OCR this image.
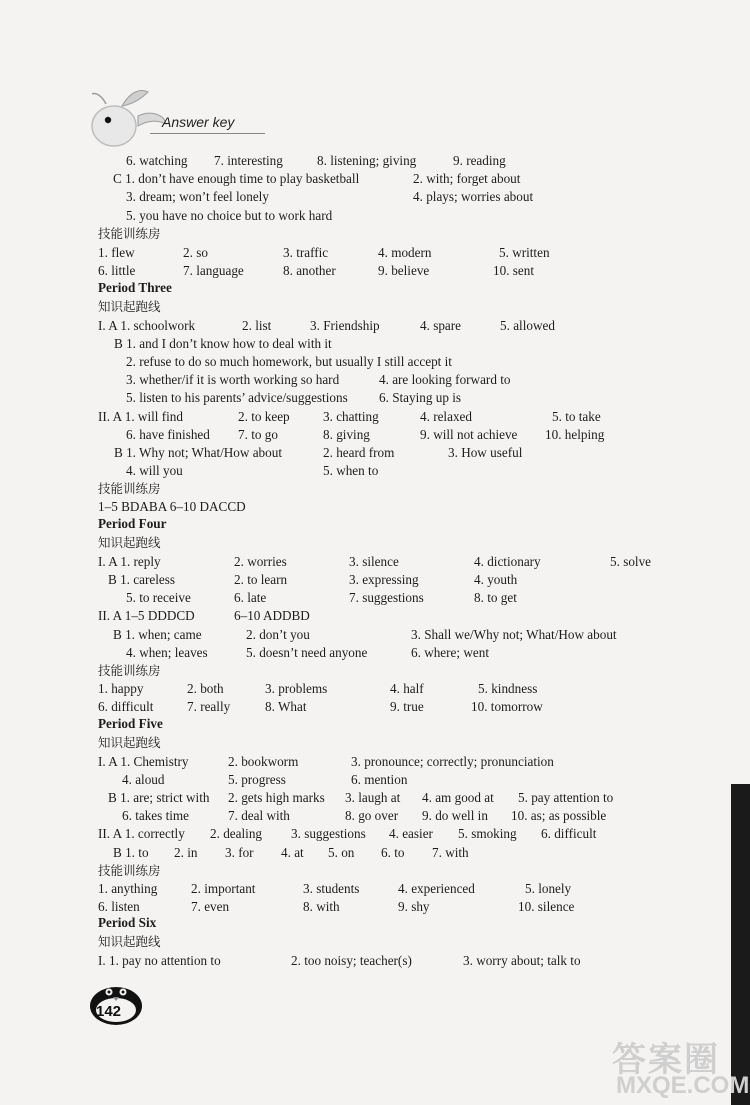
Answer key
6. watching 7. interesting	8. listening; giving	9. reading
C 1. don’t have enough time to play basketball	2. with; forget about
3. dream; won’t feel lonely	4. plays; worries about
5. you have no choice but to work hard
技能训练房
1. flew	2. so	3. traffic	4. modern	5. written
6. little	7. language	8. another	9. believe	10. sent
Period Three
知识起跑线
I. A 1. schoolwork	2. list	3. Friendship	4. spare	5. allowed
B 1. and I don’t know how to deal with it
2. refuse to do so much homework, but usually I still accept it
3. whether/if it is worth working so hard	4. are looking forward to
5. listen to his parents’ advice/suggestions 6. Staying up is
II. A 1. will find	2. to keep	3. chatting	4. relaxed	5. to take
6. have finished 7. to go	8. giving	9. will not achieve 10. helping
B 1. Why not; What/How about	2. heard from	3. How useful
4. will you	5. when to
技能训练房
1–5 BDABA 6–10 DACCD
Period Four
知识起跑线
I. A 1. reply	2. worries	3. silence	4. dictionary	5. solve
B 1. careless	2. to learn	3. expressing	4. youth
5. to receive	6. late	7. suggestions	8. to get
II. A 1–5 DDDCD	6–10 ADDBD
B 1. when; came	2. don’t you	3. Shall we/Why not; What/How about
4. when; leaves	5. doesn’t need anyone	6. where; went
技能训练房
1. happy	2. both	3. problems	4. half	5. kindness
6. difficult	7. really	8. What	9. true	10. tomorrow
Period Five
知识起跑线
I. A 1. Chemistry	2. bookworm	3. pronounce; correctly; pronunciation
4. aloud	5. progress	6. mention
B 1. are; strict with 2. gets high marks 3. laugh at 4. am good at 5. pay attention to
6. takes time	7. deal with	8. go over 9. do well in 10. as; as possible
II. A 1. correctly 2. dealing 3. suggestions 4. easier 5. smoking 6. difficult
B 1. to 2. in 3. for 4. at 5. on 6. to 7. with
技能训练房
1. anything	2. important	3. students	4. experienced	5. lonely
6. listen	7. even	8. with	9. shy	10. silence
Period Six
知识起跑线
I. 1. pay no attention to	2. too noisy; teacher(s)	3. worry about; talk to
142
答案圈
MXQE.COM
